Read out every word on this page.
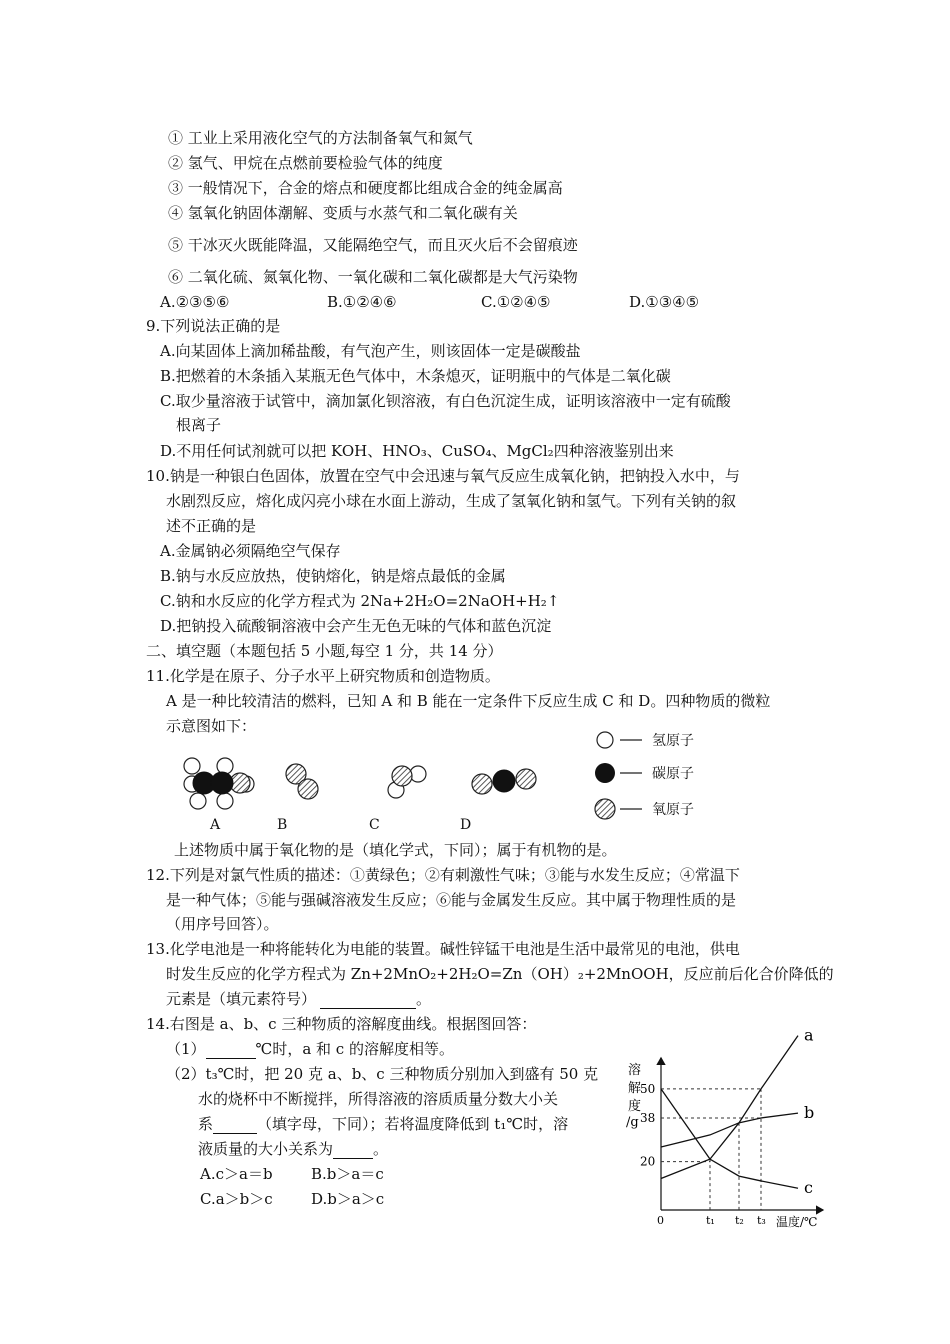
① 工业上采用液化空气的方法制备氧气和氮气
② 氢气、甲烷在点燃前要检验气体的纯度
③ 一般情况下，合金的熔点和硬度都比组成合金的纯金属高
④ 氢氧化钠固体潮解、变质与水蒸气和二氧化碳有关
⑤ 干冰灭火既能降温，又能隔绝空气，而且灭火后不会留痕迹
⑥ 二氧化硫、氮氧化物、一氧化碳和二氧化碳都是大气污染物
A.②③⑤⑥	B.①②④⑥	C.①②④⑤	D.①③④⑤
9.下列说法正确的是
A.向某固体上滴加稀盐酸，有气泡产生，则该固体一定是碳酸盐
B.把燃着的木条插入某瓶无色气体中，木条熄灭，证明瓶中的气体是二氧化碳
C.取少量溶液于试管中，滴加氯化钡溶液，有白色沉淀生成，证明该溶液中一定有硫酸
根离子
D.不用任何试剂就可以把 KOH、HNO₃、CuSO₄、MgCl₂四种溶液鉴别出来
10.钠是一种银白色固体，放置在空气中会迅速与氧气反应生成氧化钠，把钠投入水中，与
水剧烈反应，熔化成闪亮小球在水面上游动，生成了氢氧化钠和氢气。下列有关钠的叙
述不正确的是
A.金属钠必须隔绝空气保存
B.钠与水反应放热，使钠熔化，钠是熔点最低的金属
C.钠和水反应的化学方程式为 2Na+2H₂O=2NaOH+H₂↑
D.把钠投入硫酸铜溶液中会产生无色无味的气体和蓝色沉淀
二、填空题（本题包括 5 小题,每空 1 分，共 14 分）
11.化学是在原子、分子水平上研究物质和创造物质。
A 是一种比较清洁的燃料，已知 A 和 B 能在一定条件下反应生成 C 和 D。四种物质的微粒
示意图如下：
氢原子
碳原子
氧原子
A	B	C	D
上述物质中属于氧化物的是（填化学式，下同）；属于有机物的是。
12.下列是对氯气性质的描述：①黄绿色；②有刺激性气味；③能与水发生反应；④常温下
是一种气体；⑤能与强碱溶液发生反应；⑥能与金属发生反应。其中属于物理性质的是
（用序号回答）。
13.化学电池是一种将能转化为电能的装置。碱性锌锰干电池是生活中最常见的电池，供电
时发生反应的化学方程式为 Zn+2MnO₂+2H₂O=Zn（OH）₂+2MnOOH，反应前后化合价降低的
元素是（填元素符号）	。
14.右图是 a、b、c 三种物质的溶解度曲线。根据图回答：
（1）	℃时，a 和 c 的溶解度相等。
（2）t₃℃时，把 20 克 a、b、c 三种物质分别加入到盛有 50 克
水的烧杯中不断搅拌，所得溶液的溶质质量分数大小关
系	（填字母，下同）；若将温度降低到 t₁℃时，溶
液质量的大小关系为	。
A.c＞a＝b	B.b＞a＝c
C.a＞b＞c	D.b＞a＞c
溶
解
度
/g
温度/℃
20
38
50
0	t₁ t₂ t₃
a
b
c
